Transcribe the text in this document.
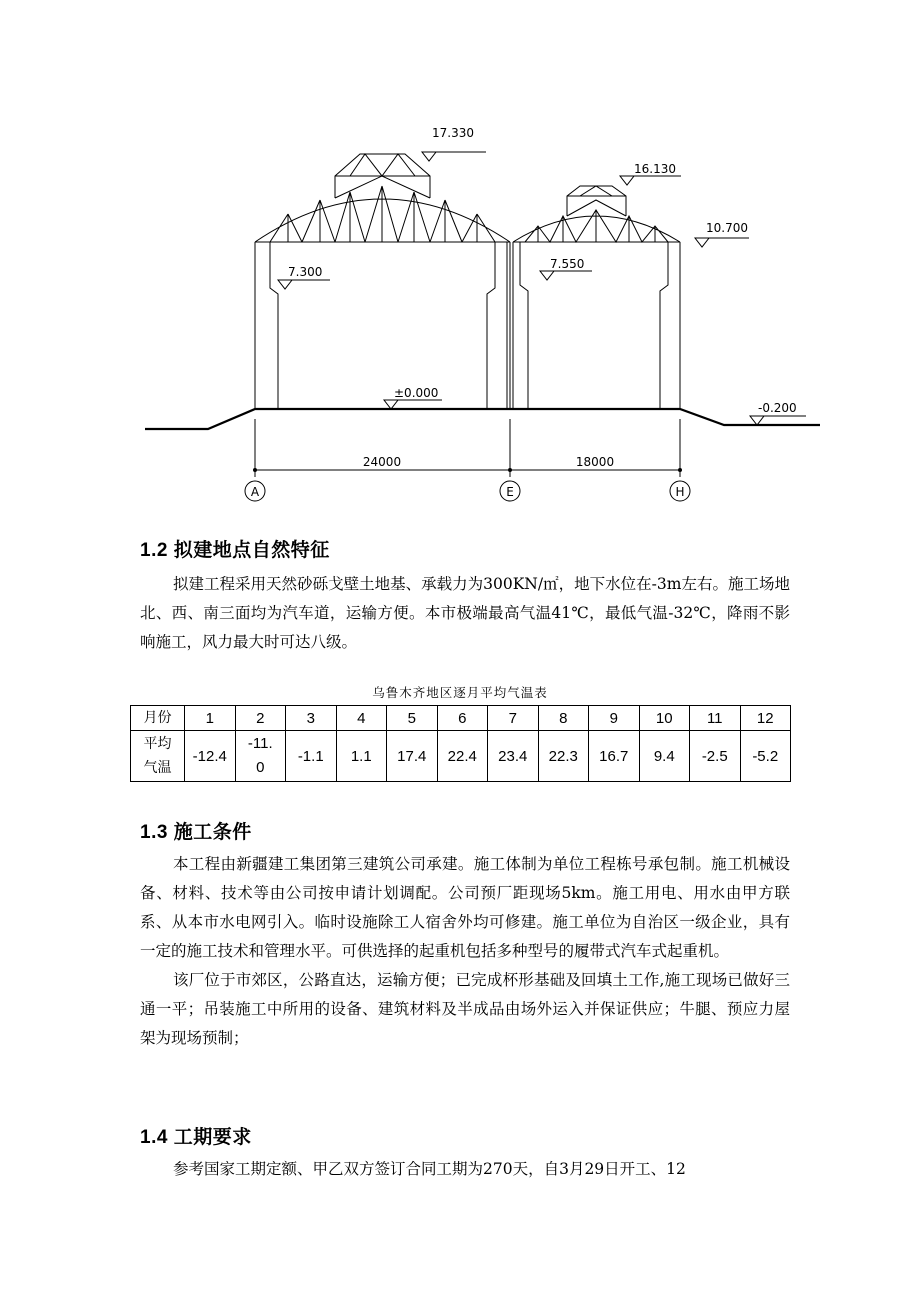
17.330
16.130
10.700
7.300
7.550
±0.000
-0.200
24000	18000
A	E	H
1.2 拟建地点自然特征

拟建工程采用天然砂砾戈壁土地基、承载力为300KN/㎡，地下水位在-3m左右。施工场地北、西、南三面均为汽车道，运输方便。本市极端最高气温41℃，最低气温-32℃，降雨不影响施工，风力最大时可达八级。

乌鲁木齐地区逐月平均气温表
月份	1	2	3	4	5	6	7	8	9	10	11	12
平均气温	-12.4	-11.0	-1.1	1.1	17.4	22.4	23.4	22.3	16.7	9.4	-2.5	-5.2
1.3 施工条件

本工程由新疆建工集团第三建筑公司承建。施工体制为单位工程栋号承包制。施工机械设备、材料、技术等由公司按申请计划调配。公司预厂距现场5km。施工用电、用水由甲方联系、从本市水电网引入。临时设施除工人宿舍外均可修建。施工单位为自治区一级企业，具有一定的施工技术和管理水平。可供选择的起重机包括多种型号的履带式汽车式起重机。

该厂位于市郊区，公路直达，运输方便；已完成杯形基础及回填土工作,施工现场已做好三通一平；吊装施工中所用的设备、建筑材料及半成品由场外运入并保证供应；牛腿、预应力屋架为现场预制；

1.4 工期要求

参考国家工期定额、甲乙双方签订合同工期为270天，自3月29日开工、12
